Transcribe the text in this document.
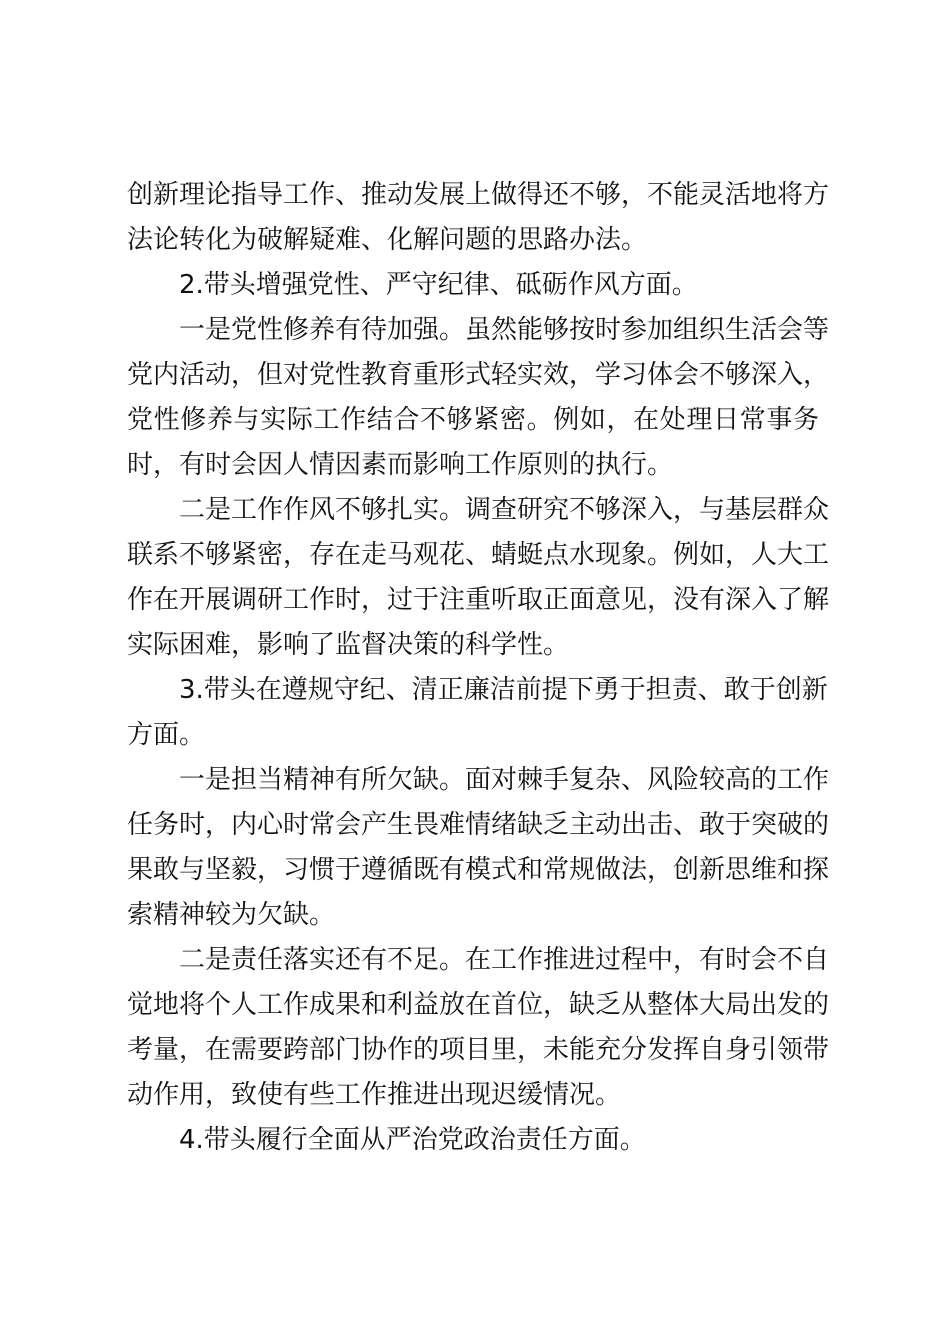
创新理论指导工作、推动发展上做得还不够，不能灵活地将方
法论转化为破解疑难、化解问题的思路办法。
2.带头增强党性、严守纪律、砥砺作风方面。
一是党性修养有待加强。虽然能够按时参加组织生活会等
党内活动，但对党性教育重形式轻实效，学习体会不够深入，
党性修养与实际工作结合不够紧密。例如，在处理日常事务
时，有时会因人情因素而影响工作原则的执行。
二是工作作风不够扎实。调查研究不够深入，与基层群众
联系不够紧密，存在走马观花、蜻蜓点水现象。例如，人大工
作在开展调研工作时，过于注重听取正面意见，没有深入了解
实际困难，影响了监督决策的科学性。
3.带头在遵规守纪、清正廉洁前提下勇于担责、敢于创新
方面。
一是担当精神有所欠缺。面对棘手复杂、风险较高的工作
任务时，内心时常会产生畏难情绪缺乏主动出击、敢于突破的
果敢与坚毅，习惯于遵循既有模式和常规做法，创新思维和探
索精神较为欠缺。
二是责任落实还有不足。在工作推进过程中，有时会不自
觉地将个人工作成果和利益放在首位，缺乏从整体大局出发的
考量，在需要跨部门协作的项目里，未能充分发挥自身引领带
动作用，致使有些工作推进出现迟缓情况。
4.带头履行全面从严治党政治责任方面。
